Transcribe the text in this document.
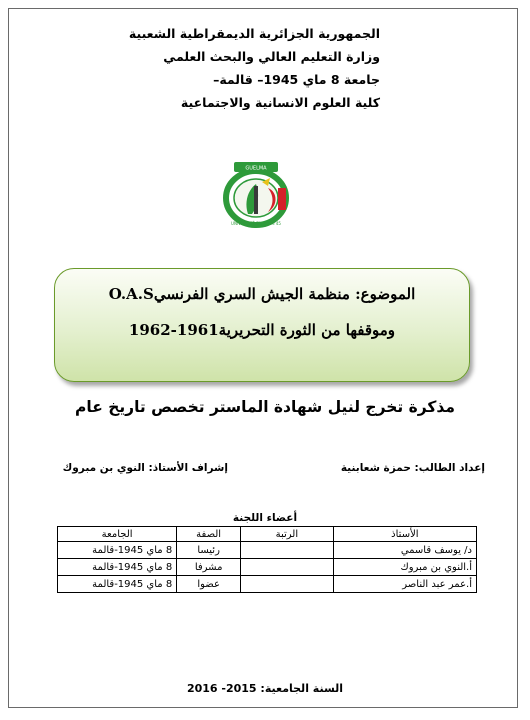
الجمهورية الجزائرية الديمقراطية الشعبية
وزارة التعليم العالي والبحث العلمي
جامعة 8 ماي 1945– قالمة–
كلية العلوم الانسانية والاجتماعية
GUELMA
UNIVERSITÉ DU 8 MAI 45
الموضوع: منظمة الجيش السري الفرنسيO.A.S
وموقفها من الثورة التحريرية1961-1962
مذكرة تخرج لنيل شهادة الماستر تخصص تاريخ عام
إعداد الطالب: حمزة شعابنية
إشراف الأستاذ: النوي بن مبروك
أعضاء اللجنة
الأستاذ	الرتبة	الصفة	الجامعة
د/ يوسف قاسمي		رئيسا	8 ماي 1945-قالمة
أ.النوي بن مبروك		مشرفا	8 ماي 1945-قالمة
أ.عمر عبد الناصر		عضوا	8 ماي 1945-قالمة
السنة الجامعية: 2015- 2016
